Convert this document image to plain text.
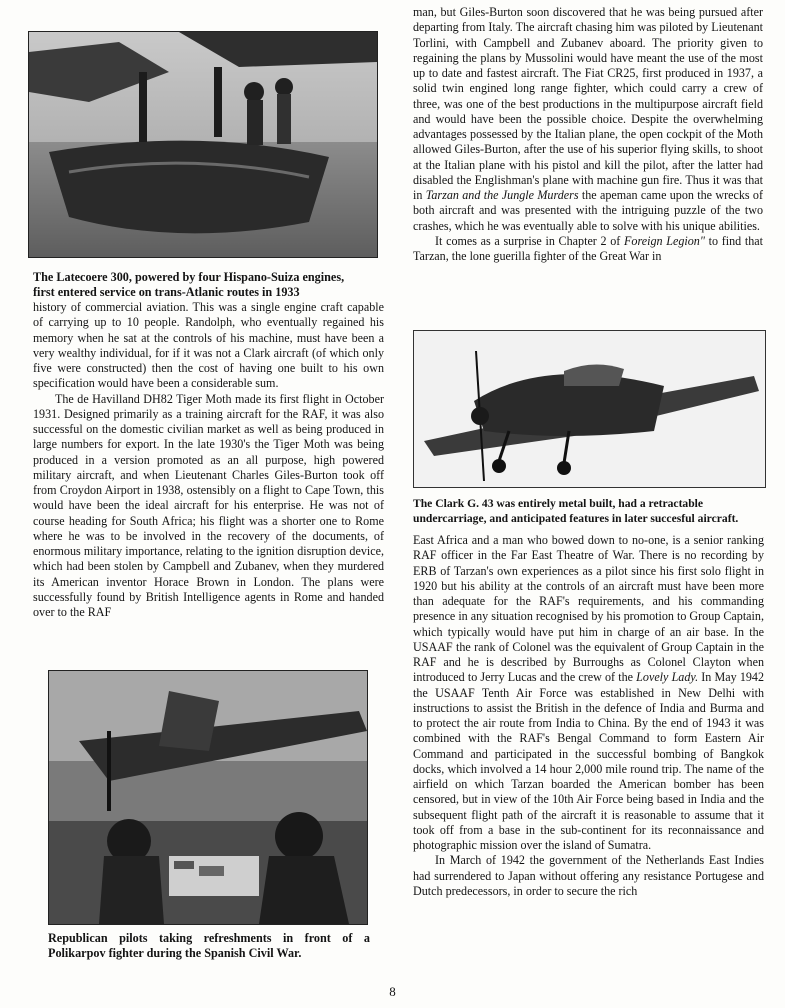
The Latecoere 300, powered by four Hispano-Suiza engines,
first entered service on trans-Atlanic routes in 1933

history of commercial aviation. This was a single engine craft capable of carrying up to 10 people. Randolph, who eventually regained his memory when he sat at the controls of his machine, must have been a very wealthy individual, for if it was not a Clark aircraft (of which only five were constructed) then the cost of having one built to his own specification would have been a considerable sum.

The de Havilland DH82 Tiger Moth made its first flight in October 1931. Designed primarily as a training aircraft for the RAF, it was also successful on the domestic civilian market as well as being produced in large numbers for export. In the late 1930's the Tiger Moth was being produced in a version promoted as an all purpose, high powered military aircraft, and when Lieutenant Charles Giles-Burton took off from Croydon Airport in 1938, ostensibly on a flight to Cape Town, this would have been the ideal aircraft for his enterprise. He was not of course heading for South Africa; his flight was a shorter one to Rome where he was to be involved in the recovery of the documents, of enormous military importance, relating to the ignition disruption device, which had been stolen by Campbell and Zubanev, when they murdered its American inventor Horace Brown in London. The plans were successfully found by British Intelligence agents in Rome and handed over to the RAF

Republican pilots taking refreshments in front of a Polikarpov fighter during the Spanish Civil War.

man, but Giles-Burton soon discovered that he was being pursued after departing from Italy. The aircraft chasing him was piloted by Lieutenant Torlini, with Campbell and Zubanev aboard. The priority given to regaining the plans by Mussolini would have meant the use of the most up to date and fastest aircraft. The Fiat CR25, first produced in 1937, a solid twin engined long range fighter, which could carry a crew of three, was one of the best productions in the multipurpose aircraft field and would have been the possible choice. Despite the overwhelming advantages possessed by the Italian plane, the open cockpit of the Moth allowed Giles-Burton, after the use of his superior flying skills, to shoot at the Italian plane with his pistol and kill the pilot, after the latter had disabled the Englishman's plane with machine gun fire. Thus it was that in Tarzan and the Jungle Murders the apeman came upon the wrecks of both aircraft and was presented with the intriguing puzzle of the two crashes, which he was eventually able to solve with his unique abilities.

It comes as a surprise in Chapter 2 of Foreign Legion" to find that Tarzan, the lone guerilla fighter of the Great War in

The Clark G. 43 was entirely metal built, had a retractable undercarriage, and anticipated features in later succesful aircraft.

East Africa and a man who bowed down to no-one, is a senior ranking RAF officer in the Far East Theatre of War. There is no recording by ERB of Tarzan's own experiences as a pilot since his first solo flight in 1920 but his ability at the controls of an aircraft must have been more than adequate for the RAF's requirements, and his commanding presence in any situation recognised by his promotion to Group Captain, which typically would have put him in charge of an air base. In the USAAF the rank of Colonel was the equivalent of Group Captain in the RAF and he is described by Burroughs as Colonel Clayton when introduced to Jerry Lucas and the crew of the Lovely Lady. In May 1942 the USAAF Tenth Air Force was established in New Delhi with instructions to assist the British in the defence of India and Burma and to protect the air route from India to China. By the end of 1943 it was combined with the RAF's Bengal Command to form Eastern Air Command and participated in the successful bombing of Bangkok docks, which involved a 14 hour 2,000 mile round trip. The name of the airfield on which Tarzan boarded the American bomber has been censored, but in view of the 10th Air Force being based in India and the subsequent flight path of the aircraft it is reasonable to assume that it took off from a base in the sub-continent for its reconnaissance and photographic mission over the island of Sumatra.

In March of 1942 the government of the Netherlands East Indies had surrendered to Japan without offering any resistance Portugese and Dutch predecessors, in order to secure the rich

8
